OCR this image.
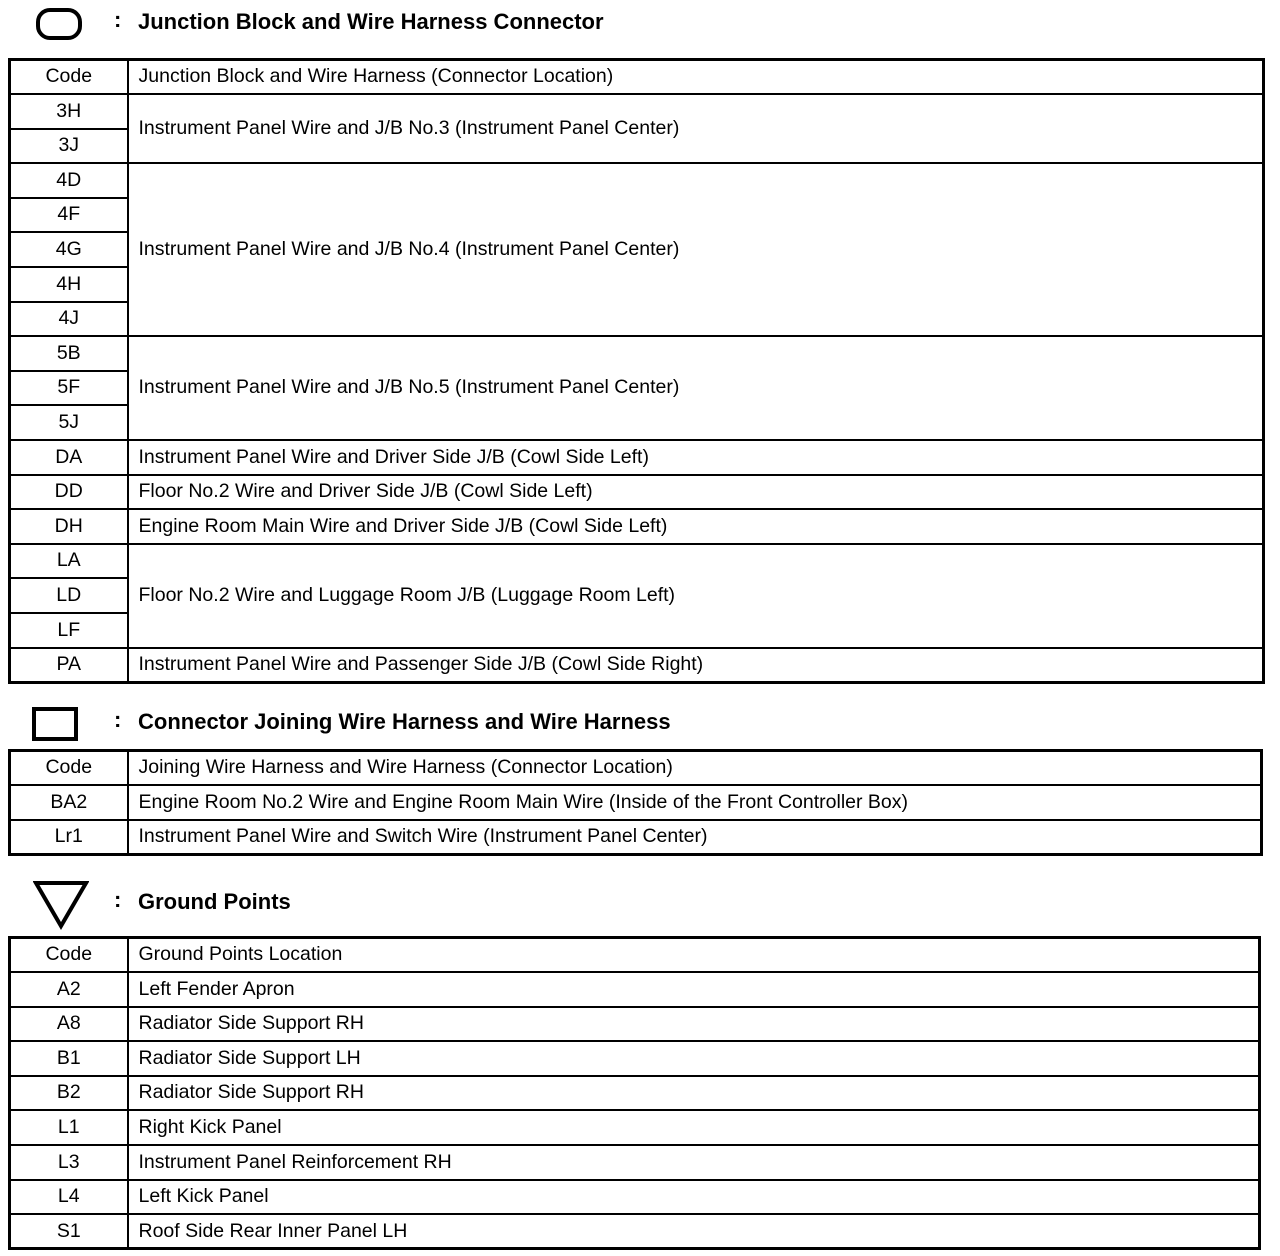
: Junction Block and Wire Harness Connector
Code	Junction Block and Wire Harness (Connector Location)
3H	Instrument Panel Wire and J/B No.3 (Instrument Panel Center)
3J	
4D	Instrument Panel Wire and J/B No.4 (Instrument Panel Center)
4F	
4G	
4H	
4J	
5B	Instrument Panel Wire and J/B No.5 (Instrument Panel Center)
5F	
5J	
DA	Instrument Panel Wire and Driver Side J/B (Cowl Side Left)
DD	Floor No.2 Wire and Driver Side J/B (Cowl Side Left)
DH	Engine Room Main Wire and Driver Side J/B (Cowl Side Left)
LA	Floor No.2 Wire and Luggage Room J/B (Luggage Room Left)
LD	
LF	
PA	Instrument Panel Wire and Passenger Side J/B (Cowl Side Right)
: Connector Joining Wire Harness and Wire Harness
Code	Joining Wire Harness and Wire Harness (Connector Location)
BA2	Engine Room No.2 Wire and Engine Room Main Wire (Inside of the Front Controller Box)
Lr1	Instrument Panel Wire and Switch Wire (Instrument Panel Center)
: Ground Points
Code	Ground Points Location
A2	Left Fender Apron
A8	Radiator Side Support RH
B1	Radiator Side Support LH
B2	Radiator Side Support RH
L1	Right Kick Panel
L3	Instrument Panel Reinforcement RH
L4	Left Kick Panel
S1	Roof Side Rear Inner Panel LH
